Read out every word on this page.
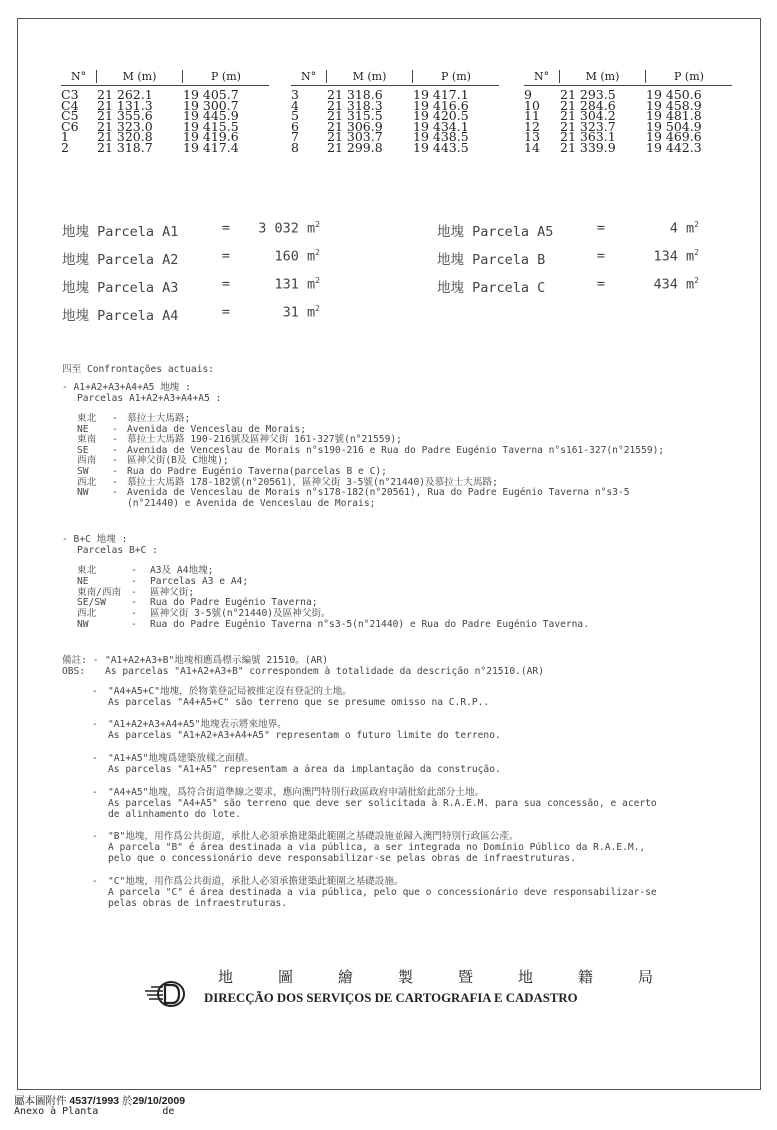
N°	M (m)	P (m)
C3	21 262.1	19 405.7
C4	21 131.3	19 300.7
C5	21 355.6	19 445.9
C6	21 323.0	19 415.5
1	21 320.8	19 419.6
2	21 318.7	19 417.4
N°	M (m)	P (m)
3	21 318.6	19 417.1
4	21 318.3	19 416.6
5	21 315.5	19 420.5
6	21 306.9	19 434.1
7	21 303.7	19 438.5
8	21 299.8	19 443.5
N°	M (m)	P (m)
9	21 293.5	19 450.6
10	21 284.6	19 458.9
11	21 304.2	19 481.8
12	21 323.7	19 504.9
13	21 363.1	19 469.6
14	21 339.9	19 442.3
地塊 Parcela A1	=	3 032 $m^2$
地塊 Parcela A2	=	160 $m^2$
地塊 Parcela A3	=	131 $m^2$
地塊 Parcela A4	=	31 $m^2$
地塊 Parcela A5	=	4 $m^2$
地塊 Parcela B	=	134 $m^2$
地塊 Parcela C	=	434 $m^2$
四至 Confrontações actuais:
- A1+A2+A3+A4+A5 地塊 :
Parcelas A1+A2+A3+A4+A5 :
東北 - 慕拉士大馬路;
NE - Avenida de Venceslau de Morais;
東南 - 慕拉士大馬路 190-216號及區神父街 161-327號(n°21559);
SE - Avenida de Venceslau de Morais n°s190-216 e Rua do Padre Eugénio Taverna n°s161-327(n°21559);
西南 - 區神父街(B及 C地塊);
SW - Rua do Padre Eugénio Taverna(parcelas B e C);
西北 - 慕拉士大馬路 178-182號(n°20561)，區神父街 3-5號(n°21440)及慕拉士大馬路;
NW - Avenida de Venceslau de Morais n°s178-182(n°20561), Rua do Padre Eugénio Taverna n°s3-5
(n°21440) e Avenida de Venceslau de Morais;
- B+C 地塊 :
Parcelas B+C :
東北	- A3及 A4地塊;
NE	- Parcelas A3 e A4;
東南/西南 - 區神父街;
SE/SW	- Rua do Padre Eugénio Taverna;
西北	- 區神父街 3-5號(n°21440)及區神父街。
NW	- Rua do Padre Eugénio Taverna n°s3-5(n°21440) e Rua do Padre Eugénio Taverna.
備註: - "A1+A2+A3+B"地塊相應爲標示編號 21510。(AR)
OBS: As parcelas "A1+A2+A3+B" correspondem à totalidade da descrição n°21510.(AR)
- "A4+A5+C"地塊，於物業登記局被推定沒有登記的土地。
As parcelas "A4+A5+C" são terreno que se presume omisso na C.R.P..
- "A1+A2+A3+A4+A5"地塊表示將來地界。
As parcelas "A1+A2+A3+A4+A5" representam o futuro limite do terreno.
- "A1+A5"地塊爲建築放樣之面積。
As parcelas "A1+A5" representam a área da implantação da construção.
- "A4+A5"地塊，爲符合街道準線之要求，應向澳門特別行政區政府申請批給此部分土地。
As parcelas "A4+A5" são terreno que deve ser solicitada à R.A.E.M. para sua concessão, e acerto
de alinhamento do lote.
- "B"地塊，用作爲公共街道，承批人必須承擔建築此範圍之基礎設施並歸入澳門特別行政區公產。
A parcela "B" é área destinada a via pública, a ser integrada no Domínio Público da R.A.E.M.,
pelo que o concessionário deve responsabilizar-se pelas obras de infraestruturas.
- "C"地塊，用作爲公共街道，承批人必須承擔建築此範圍之基礎設施。
A parcela "C" é área destinada a via pública, pelo que o concessionário deve responsabilizar-se
pelas obras de infraestruturas.
地圖繪製暨地籍局
DIRECÇÃO DOS SERVIÇOS DE CARTOGRAFIA E CADASTRO
屬本圖附件 4537/1993 於29/10/2009
Anexo à Planta	de
